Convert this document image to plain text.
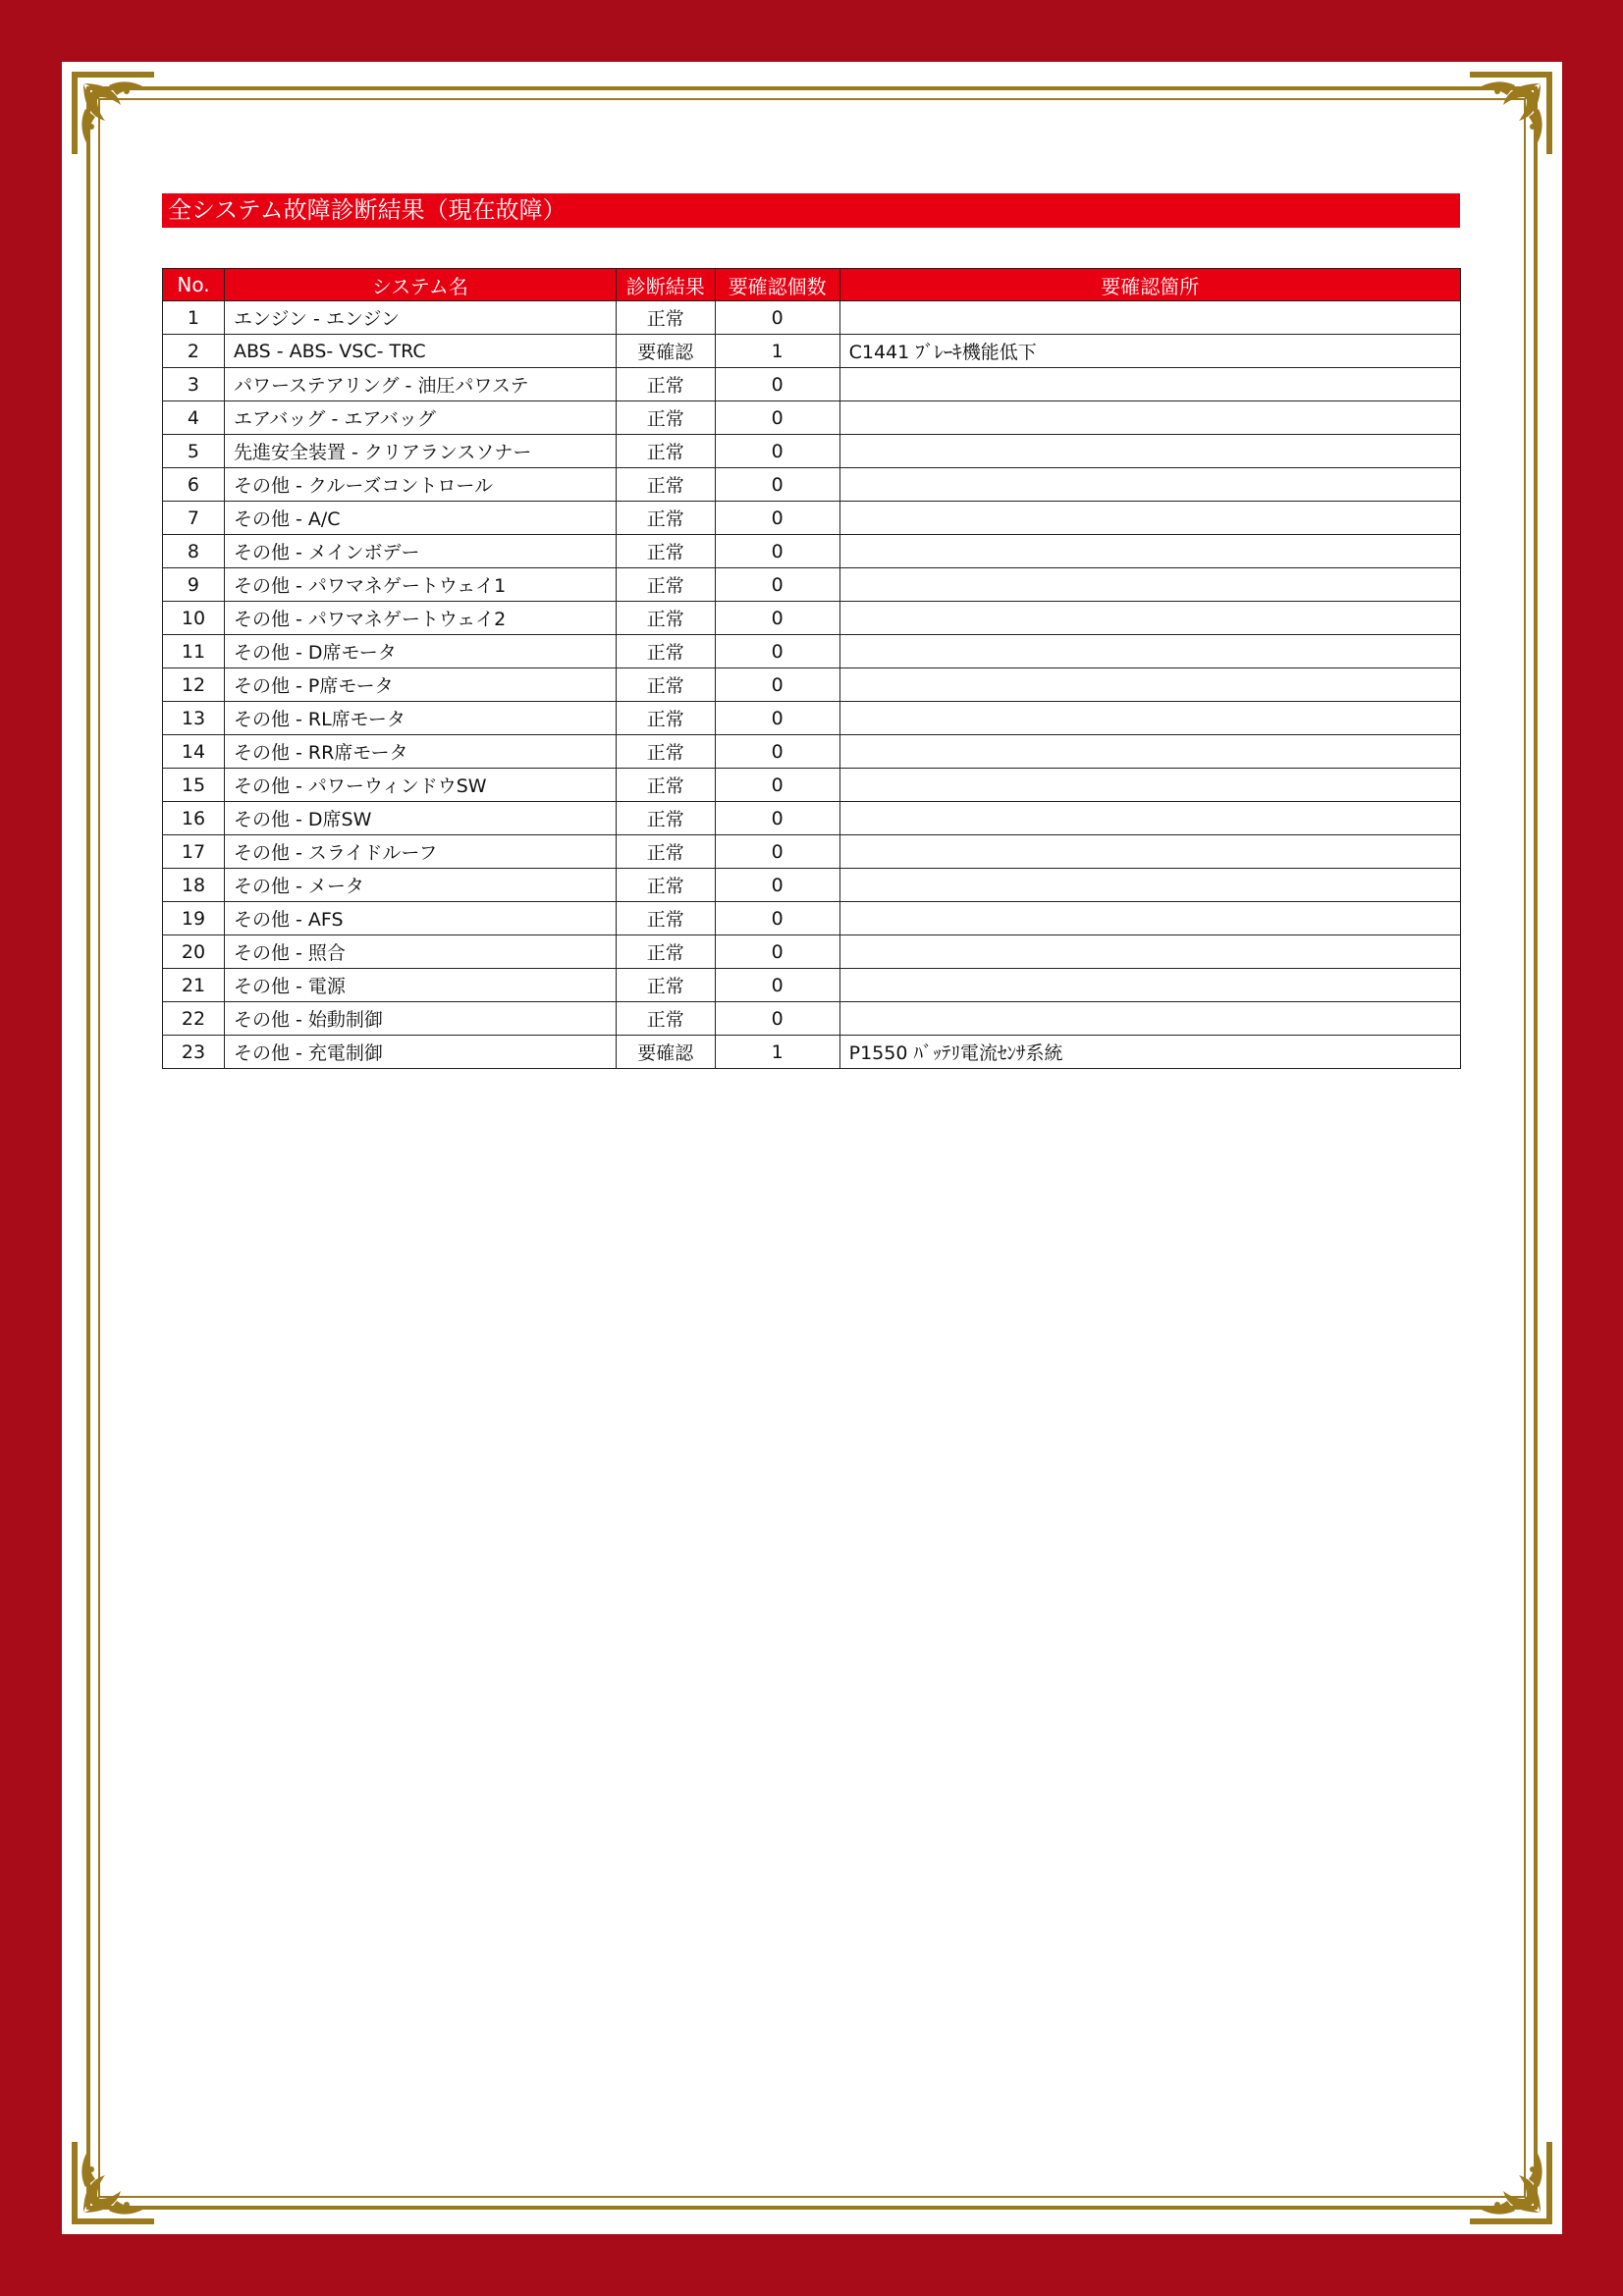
全システム故障診断結果（現在故障）
No.	システム名	診断結果	要確認個数	要確認箇所
1	エンジン - エンジン	正常	0	
2	ABS - ABS- VSC- TRC	要確認	1	C1441 ﾌﾞﾚｰｷ機能低下
3	パワーステアリング - 油圧パワステ	正常	0	
4	エアバッグ - エアバッグ	正常	0	
5	先進安全装置 - クリアランスソナー	正常	0	
6	その他 - クルーズコントロール	正常	0	
7	その他 - A/C	正常	0	
8	その他 - メインボデー	正常	0	
9	その他 - パワマネゲートウェイ1	正常	0	
10	その他 - パワマネゲートウェイ2	正常	0	
11	その他 - D席モータ	正常	0	
12	その他 - P席モータ	正常	0	
13	その他 - RL席モータ	正常	0	
14	その他 - RR席モータ	正常	0	
15	その他 - パワーウィンドウSW	正常	0	
16	その他 - D席SW	正常	0	
17	その他 - スライドルーフ	正常	0	
18	その他 - メータ	正常	0	
19	その他 - AFS	正常	0	
20	その他 - 照合	正常	0	
21	その他 - 電源	正常	0	
22	その他 - 始動制御	正常	0	
23	その他 - 充電制御	要確認	1	P1550 ﾊﾞｯﾃﾘ電流ｾﾝｻ系統
